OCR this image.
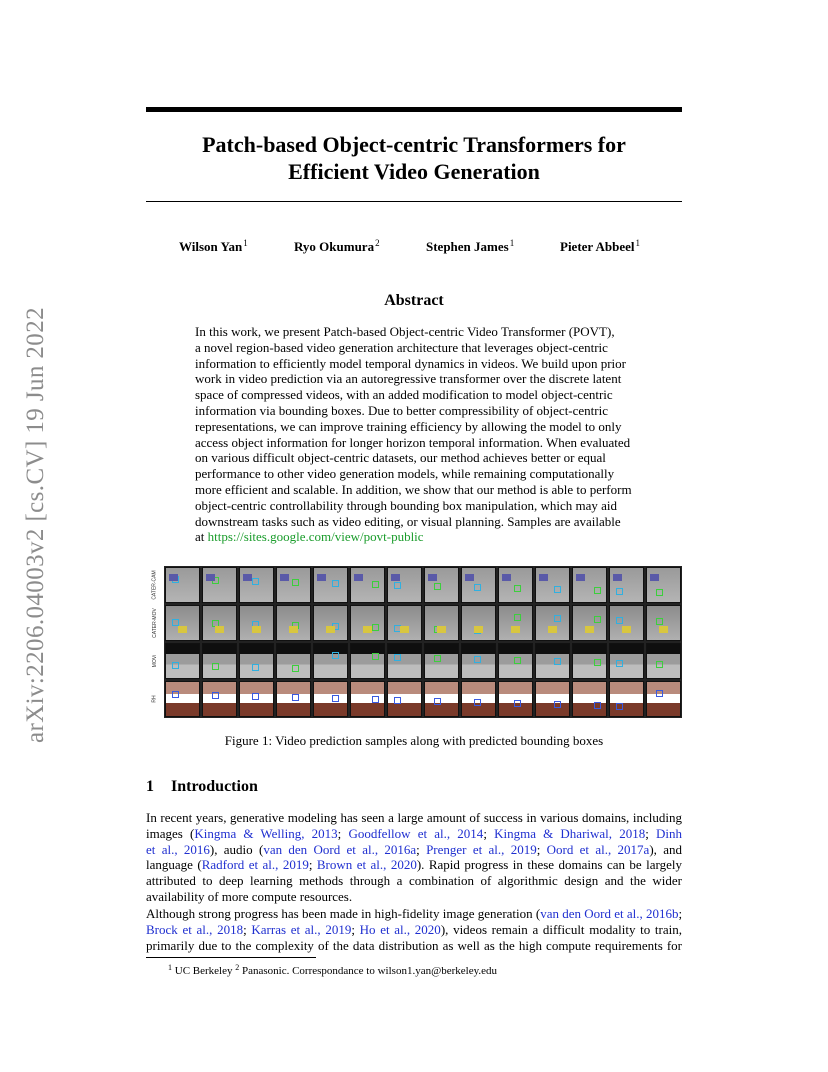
arXiv:2206.04003v2 [cs.CV] 19 Jun 2022
Patch-based Object-centric Transformers for
Efficient Video Generation
Wilson Yan$^1$	Ryo Okumura$^2$	Stephen James$^1$	Pieter Abbeel$^1$
Abstract
In this work, we present Patch-based Object-centric Video Transformer (POVT),
a novel region-based video generation architecture that leverages object-centric
information to efficiently model temporal dynamics in videos. We build upon prior
work in video prediction via an autoregressive transformer over the discrete latent
space of compressed videos, with an added modification to model object-centric
information via bounding boxes. Due to better compressibility of object-centric
representations, we can improve training efficiency by allowing the model to only
access object information for longer horizon temporal information. When evaluated
on various difficult object-centric datasets, our method achieves better or equal
performance to other video generation models, while remaining computationally
more efficient and scalable. In addition, we show that our method is able to perform
object-centric controllability through bounding box manipulation, which may aid
downstream tasks such as video editing, or visual planning. Samples are available
at https://sites.google.com/view/povt-public
CATER-CAM
CATER-MOV
MOVi
RH
Figure 1: Video prediction samples along with predicted bounding boxes
1 Introduction
In recent years, generative modeling has seen a large amount of success in various domains, including
images (Kingma & Welling, 2013; Goodfellow et al., 2014; Kingma & Dhariwal, 2018; Dinh
et al., 2016), audio (van den Oord et al., 2016a; Prenger et al., 2019; Oord et al., 2017a), and
language (Radford et al., 2019; Brown et al., 2020). Rapid progress in these domains can be largely
attributed to deep learning methods through a combination of algorithmic design and the wider
availability of more compute resources.
Although strong progress has been made in high-fidelity image generation (van den Oord et al., 2016b;
Brock et al., 2018; Karras et al., 2019; Ho et al., 2020), videos remain a difficult modality to train,
primarily due to the complexity of the data distribution as well as the high compute requirements for
$^1$ UC Berkeley $^2$ Panasonic. Correspondance to wilson1.yan@berkeley.edu
